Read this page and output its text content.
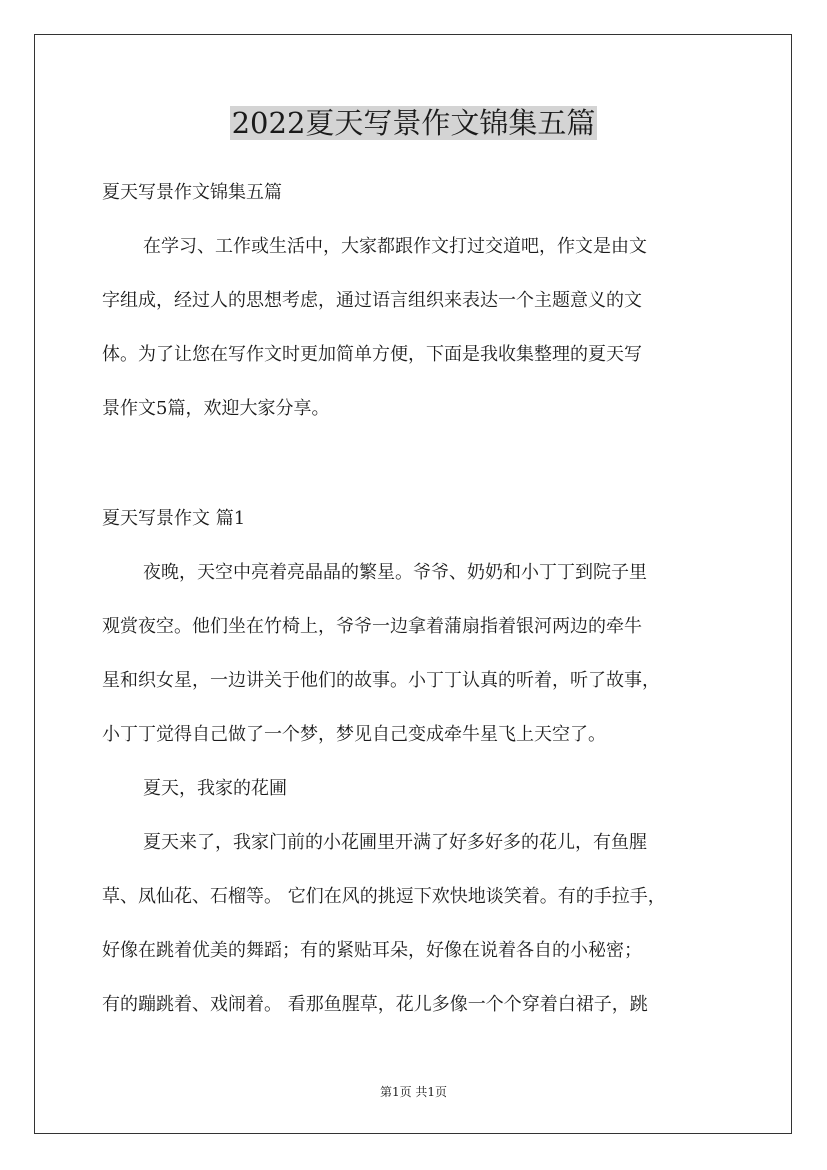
2022夏天写景作文锦集五篇

夏天写景作文锦集五篇

在学习、工作或生活中，大家都跟作文打过交道吧，作文是由文

字组成，经过人的思想考虑，通过语言组织来表达一个主题意义的文

体。为了让您在写作文时更加简单方便，下面是我收集整理的夏天写

景作文5篇，欢迎大家分享。

夏天写景作文 篇1

夜晚，天空中亮着亮晶晶的繁星。爷爷、奶奶和小丁丁到院子里

观赏夜空。他们坐在竹椅上，爷爷一边拿着蒲扇指着银河两边的牵牛

星和织女星，一边讲关于他们的故事。小丁丁认真的听着，听了故事，

小丁丁觉得自己做了一个梦，梦见自己变成牵牛星飞上天空了。

夏天，我家的花圃

夏天来了，我家门前的小花圃里开满了好多好多的花儿，有鱼腥

草、凤仙花、石榴等。 它们在风的挑逗下欢快地谈笑着。有的手拉手，

好像在跳着优美的舞蹈；有的紧贴耳朵，好像在说着各自的小秘密；

有的蹦跳着、戏闹着。 看那鱼腥草，花儿多像一个个穿着白裙子，跳

第1页 共1页
